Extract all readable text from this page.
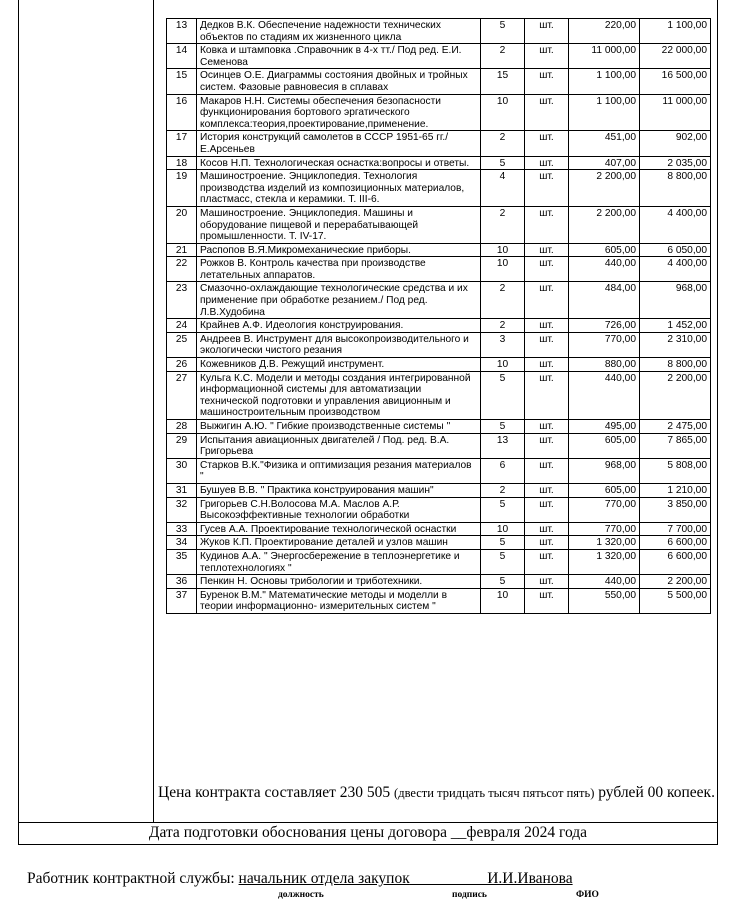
13	Дедков В.К. Обеспечение надежности технических объектов по стадиям их жизненного цикла	5	шт.	220,00	1 100,00
14	Ковка и штамповка .Справочник в 4-х тт./ Под ред. Е.И. Семенова	2	шт.	11 000,00	22 000,00
15	Осинцев О.Е. Диаграммы состояния двойных и тройных систем. Фазовые равновесия в сплавах	15	шт.	1 100,00	16 500,00
16	Макаров Н.Н. Системы обеспечения безопасности функционирования бортового эргатического комплекса:теория,проектирование,применение.	10	шт.	1 100,00	11 000,00
17	История конструкций самолетов в СССР 1951-65 гг./Е.Арсеньев	2	шт.	451,00	902,00
18	Косов Н.П. Технологическая оснастка:вопросы и ответы.	5	шт.	407,00	2 035,00
19	Машиностроение. Энциклопедия. Технология производства изделий из композиционных материалов, пластмасс, стекла и керамики. Т. III-6.	4	шт.	2 200,00	8 800,00
20	Машиностроение. Энциклопедия. Машины и оборудование пищевой и перерабатывающей промышленности. Т. IV-17.	2	шт.	2 200,00	4 400,00
21	Распопов В.Я.Микромеханические приборы.	10	шт.	605,00	6 050,00
22	Рожков В. Контроль качества при производстве летательных аппаратов.	10	шт.	440,00	4 400,00
23	Смазочно-охлаждающие технологические средства и их применение при обработке резанием./ Под ред. Л.В.Худобина	2	шт.	484,00	968,00
24	Крайнев А.Ф. Идеология конструирования.	2	шт.	726,00	1 452,00
25	Андреев В. Инструмент для высокопроизводительного и экологически чистого резания	3	шт.	770,00	2 310,00
26	Кожевников Д.В. Режущий инструмент.	10	шт.	880,00	8 800,00
27	Кульга К.С. Модели и методы создания интегрированной информационной системы для автоматизации технической подготовки и управления авиционным и машиностроительным производством	5	шт.	440,00	2 200,00
28	Выжигин А.Ю. " Гибкие производственные системы "	5	шт.	495,00	2 475,00
29	Испытания авиационных двигателей / Под. ред. В.А. Григорьева	13	шт.	605,00	7 865,00
30	Старков В.К."Физика и оптимизация резания материалов "	6	шт.	968,00	5 808,00
31	Бушуев В.В. " Практика конструирования машин"	2	шт.	605,00	1 210,00
32	Григорьев С.Н.Волосова М.А. Маслов А.Р. Высокоэффективные технологии обработки	5	шт.	770,00	3 850,00
33	Гусев А.А. Проектирование технологической оснастки	10	шт.	770,00	7 700,00
34	Жуков К.П. Проектирование деталей и узлов машин	5	шт.	1 320,00	6 600,00
35	Кудинов А.А. " Энергосбережение в теплоэнергетике и теплотехнологиях "	5	шт.	1 320,00	6 600,00
36	Пенкин Н. Основы трибологии и триботехники.	5	шт.	440,00	2 200,00
37	Буренок В.М." Математические методы и моделли в теории информационно- измерительных систем "	10	шт.	550,00	5 500,00
Цена контракта составляет 230 505 (двести тридцать тысяч пятьсот пять) рублей 00 копеек.
Дата подготовки обоснования цены договора __февраля 2024 года
Работник контрактной службы: начальник отдела закупок__________И.И.Иванова
должность	подпись	ФИО
